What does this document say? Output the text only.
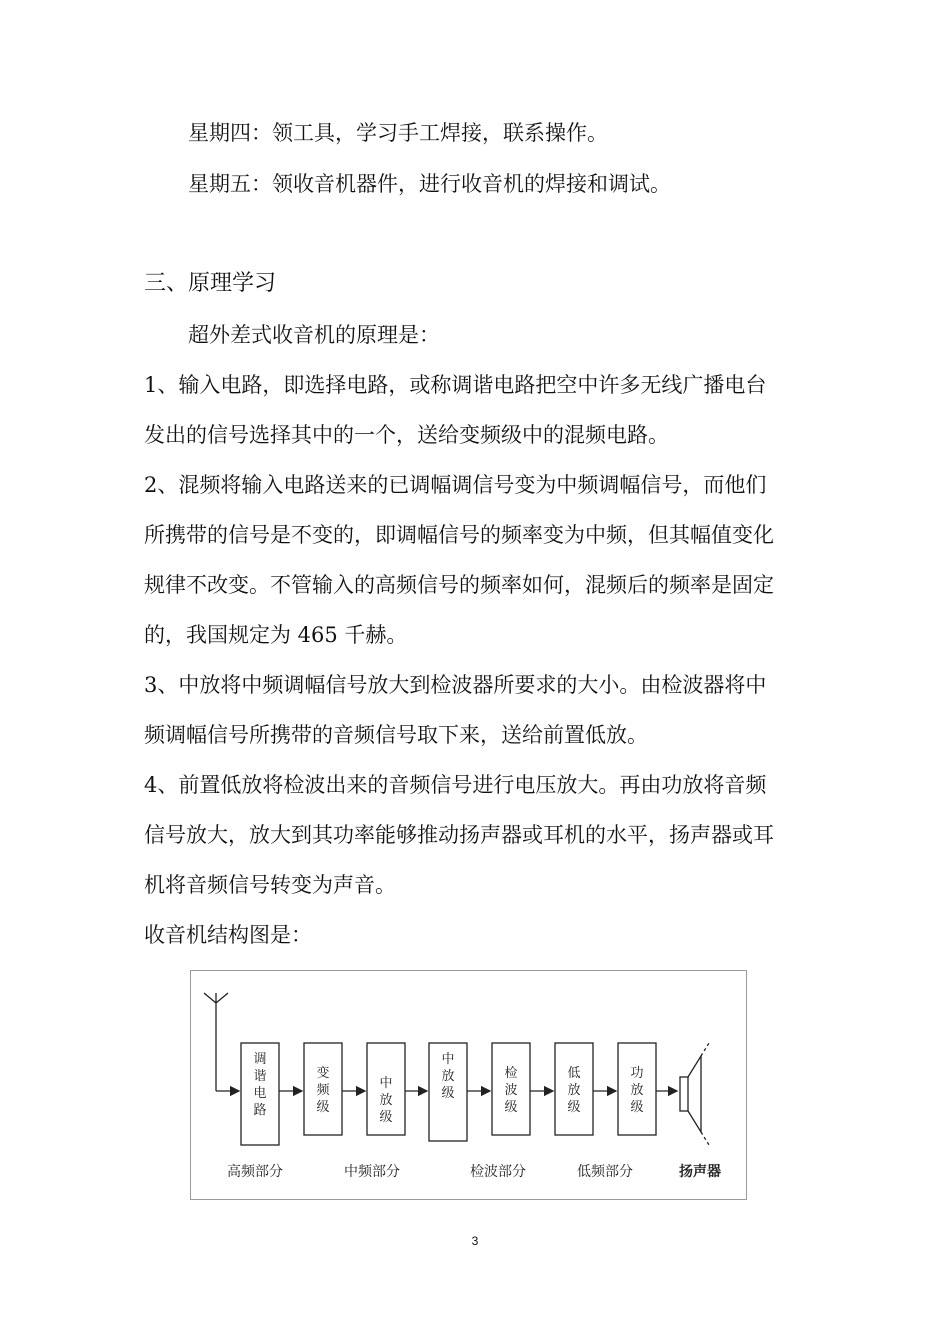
星期四：领工具，学习手工焊接，联系操作。
星期五：领收音机器件，进行收音机的焊接和调试。
三、原理学习
超外差式收音机的原理是：
1、输入电路，即选择电路，或称调谐电路把空中许多无线广播电台
发出的信号选择其中的一个，送给变频级中的混频电路。
2、混频将输入电路送来的已调幅调信号变为中频调幅信号，而他们
所携带的信号是不变的，即调幅信号的频率变为中频，但其幅值变化
规律不改变。不管输入的高频信号的频率如何，混频后的频率是固定
的，我国规定为 465 千赫。
3、中放将中频调幅信号放大到检波器所要求的大小。由检波器将中
频调幅信号所携带的音频信号取下来，送给前置低放。
4、前置低放将检波出来的音频信号进行电压放大。再由功放将音频
信号放大，放大到其功率能够推动扬声器或耳机的水平，扬声器或耳
机将音频信号转变为声音。
收音机结构图是：
调谐电路
变频级
中放级
中放级
检波级
低放级
功放级
高频部分	中频部分	检波部分	低频部分	扬声器
3
